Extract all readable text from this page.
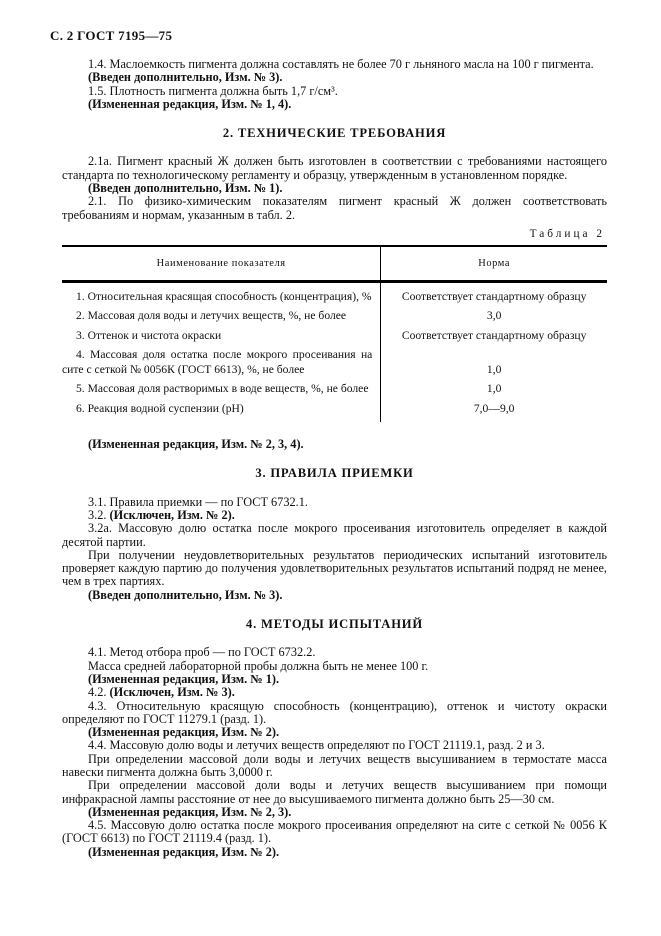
С. 2 ГОСТ 7195—75

1.4. Маслоемкость пигмента должна составлять не более 70 г льняного масла на 100 г пигмента.

(Введен дополнительно, Изм. № 3).

1.5. Плотность пигмента должна быть 1,7 г/см³.

(Измененная редакция, Изм. № 1, 4).

2. ТЕХНИЧЕСКИЕ ТРЕБОВАНИЯ

2.1а. Пигмент красный Ж должен быть изготовлен в соответствии с требованиями настоящего стандарта по технологическому регламенту и образцу, утвержденным в установленном порядке.

(Введен дополнительно, Изм. № 1).

2.1. По физико-химическим показателям пигмент красный Ж должен соответствовать требованиям и нормам, указанным в табл. 2.

Таблица 2

Наименование показателя	Норма
1. Относительная красящая способность (концентрация), %	Соответствует стандартному образцу
2. Массовая доля воды и летучих веществ, %, не более	3,0
3. Оттенок и чистота окраски	Соответствует стандартному образцу
4. Массовая доля остатка после мокрого просеивания на сите с сеткой № 0056К (ГОСТ 6613), %, не более	1,0
5. Массовая доля растворимых в воде веществ, %, не более	1,0
6. Реакция водной суспензии (рН)	7,0—9,0

(Измененная редакция, Изм. № 2, 3, 4).

3. ПРАВИЛА ПРИЕМКИ

3.1. Правила приемки — по ГОСТ 6732.1.

3.2. (Исключен, Изм. № 2).

3.2а. Массовую долю остатка после мокрого просеивания изготовитель определяет в каждой десятой партии.

При получении неудовлетворительных результатов периодических испытаний изготовитель проверяет каждую партию до получения удовлетворительных результатов испытаний подряд не менее, чем в трех партиях.

(Введен дополнительно, Изм. № 3).

4. МЕТОДЫ ИСПЫТАНИЙ

4.1. Метод отбора проб — по ГОСТ 6732.2.

Масса средней лабораторной пробы должна быть не менее 100 г.

(Измененная редакция, Изм. № 1).

4.2. (Исключен, Изм. № 3).

4.3. Относительную красящую способность (концентрацию), оттенок и чистоту окраски определяют по ГОСТ 11279.1 (разд. 1).

(Измененная редакция, Изм. № 2).

4.4. Массовую долю воды и летучих веществ определяют по ГОСТ 21119.1, разд. 2 и 3.

При определении массовой доли воды и летучих веществ высушиванием в термостате масса навески пигмента должна быть 3,0000 г.

При определении массовой доли воды и летучих веществ высушиванием при помощи инфракрасной лампы расстояние от нее до высушиваемого пигмента должно быть 25—30 см.

(Измененная редакция, Изм. № 2, 3).

4.5. Массовую долю остатка после мокрого просеивания определяют на сите с сеткой № 0056 К (ГОСТ 6613) по ГОСТ 21119.4 (разд. 1).

(Измененная редакция, Изм. № 2).
